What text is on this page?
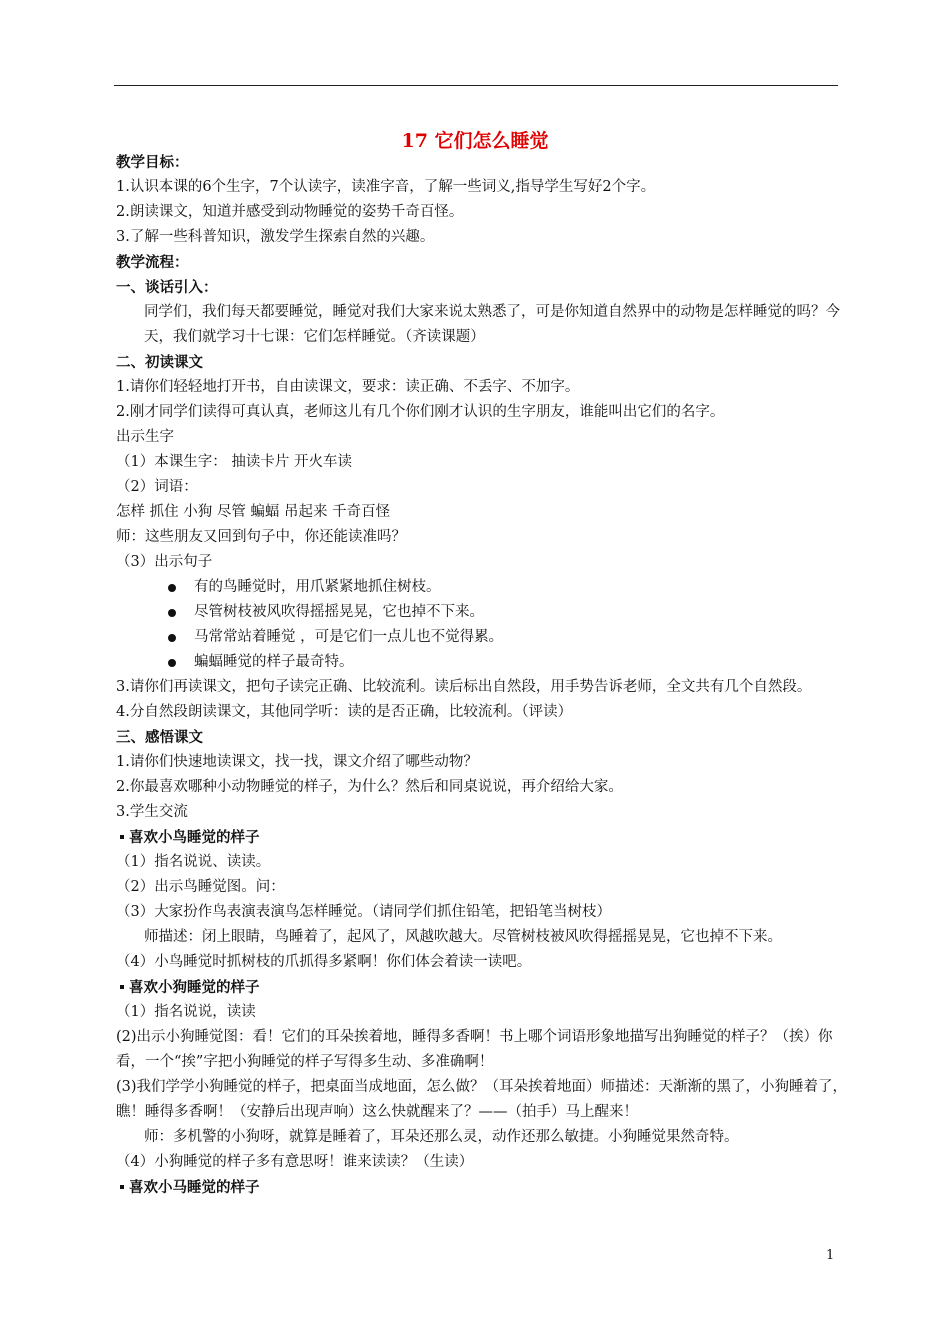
17 它们怎么睡觉
教学目标：
1.认识本课的6个生字，7个认读字，读准字音，了解一些词义,指导学生写好2个字。
2.朗读课文，知道并感受到动物睡觉的姿势千奇百怪。
3.了解一些科普知识，激发学生探索自然的兴趣。
教学流程：
一、谈话引入：
同学们，我们每天都要睡觉，睡觉对我们大家来说太熟悉了，可是你知道自然界中的动物是怎样睡觉的吗？今天，我们就学习十七课：它们怎样睡觉。（齐读课题）
二、初读课文
1.请你们轻轻地打开书，自由读课文，要求：读正确、不丢字、不加字。
2.刚才同学们读得可真认真，老师这儿有几个你们刚才认识的生字朋友，谁能叫出它们的名字。
出示生字
（1）本课生字： 抽读卡片 开火车读
（2）词语：
怎样 抓住 小狗 尽管 蝙蝠 吊起来 千奇百怪
师：这些朋友又回到句子中，你还能读准吗？
（3）出示句子
有的鸟睡觉时，用爪紧紧地抓住树枝。
尽管树枝被风吹得摇摇晃晃，它也掉不下来。
马常常站着睡觉 ，可是它们一点儿也不觉得累。
蝙蝠睡觉的样子最奇特。
3.请你们再读课文，把句子读完正确、比较流利。读后标出自然段，用手势告诉老师，全文共有几个自然段。
4.分自然段朗读课文，其他同学听：读的是否正确，比较流利。（评读）
三、感悟课文
1.请你们快速地读课文，找一找，课文介绍了哪些动物？
2.你最喜欢哪种小动物睡觉的样子，为什么？然后和同桌说说，再介绍给大家。
3.学生交流
喜欢小鸟睡觉的样子
（1）指名说说、读读。
（2）出示鸟睡觉图。问：
（3）大家扮作鸟表演表演鸟怎样睡觉。（请同学们抓住铅笔，把铅笔当树枝）
师描述：闭上眼睛，鸟睡着了，起风了，风越吹越大。尽管树枝被风吹得摇摇晃晃，它也掉不下来。
（4）小鸟睡觉时抓树枝的爪抓得多紧啊！你们体会着读一读吧。
喜欢小狗睡觉的样子
（1）指名说说，读读
(2)出示小狗睡觉图：看！它们的耳朵挨着地，睡得多香啊！书上哪个词语形象地描写出狗睡觉的样子？（挨）你看，一个“挨”字把小狗睡觉的样子写得多生动、多准确啊！
(3)我们学学小狗睡觉的样子，把桌面当成地面，怎么做？（耳朵挨着地面）师描述：天渐渐的黑了，小狗睡着了，瞧！睡得多香啊！（安静后出现声响）这么快就醒来了？——（拍手）马上醒来！
师：多机警的小狗呀，就算是睡着了，耳朵还那么灵，动作还那么敏捷。小狗睡觉果然奇特。
（4）小狗睡觉的样子多有意思呀！谁来读读？（生读）
喜欢小马睡觉的样子
1
